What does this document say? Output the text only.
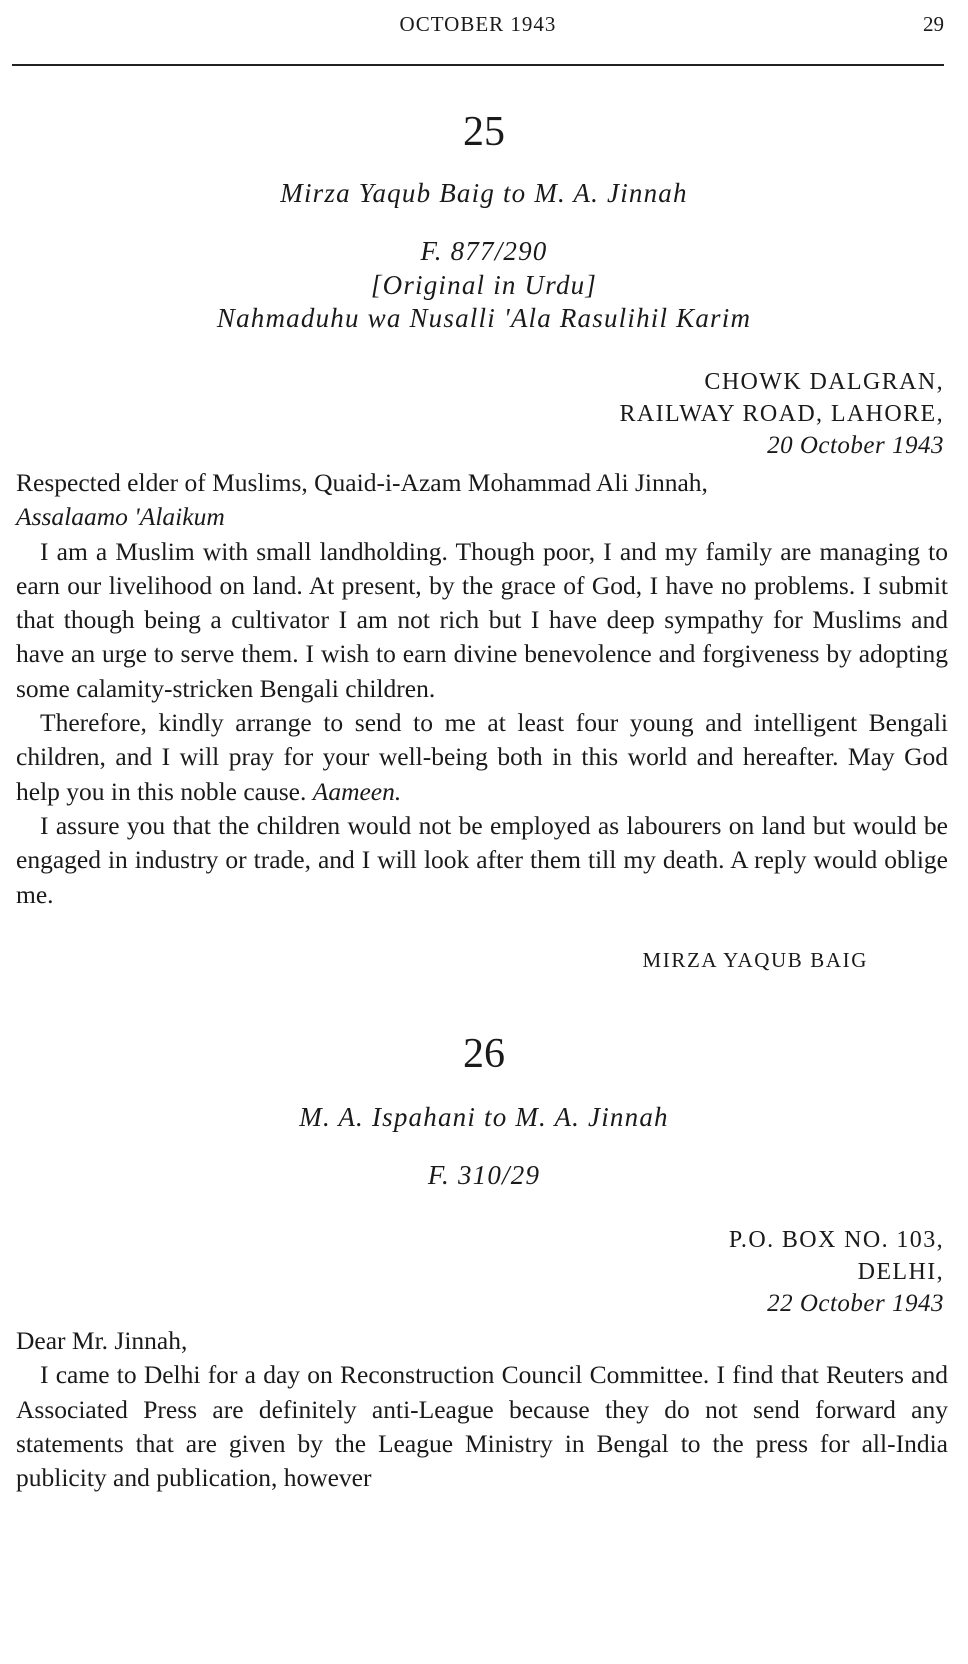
OCTOBER 1943	29
25
Mirza Yaqub Baig to M. A. Jinnah
F. 877/290
[Original in Urdu]
Nahmaduhu wa Nusalli 'Ala Rasulihil Karim
CHOWK DALGRAN,
RAILWAY ROAD, LAHORE,
20 October 1943

Respected elder of Muslims, Quaid-i-Azam Mohammad Ali Jinnah,

Assalaamo 'Alaikum

I am a Muslim with small landholding. Though poor, I and my family are managing to earn our livelihood on land. At present, by the grace of God, I have no problems. I submit that though being a cultivator I am not rich but I have deep sympathy for Muslims and have an urge to serve them. I wish to earn divine benevolence and forgiveness by adopting some calamity-stricken Bengali children.

Therefore, kindly arrange to send to me at least four young and intelligent Bengali children, and I will pray for your well-being both in this world and hereafter. May God help you in this noble cause. Aameen.

I assure you that the children would not be employed as labourers on land but would be engaged in industry or trade, and I will look after them till my death. A reply would oblige me.

MIRZA YAQUB BAIG
26
M. A. Ispahani to M. A. Jinnah
F. 310/29
P.O. BOX NO. 103,
DELHI,
22 October 1943

Dear Mr. Jinnah,

I came to Delhi for a day on Reconstruction Council Committee. I find that Reuters and Associated Press are definitely anti-League because they do not send forward any statements that are given by the League Ministry in Bengal to the press for all-India publicity and publication, however
